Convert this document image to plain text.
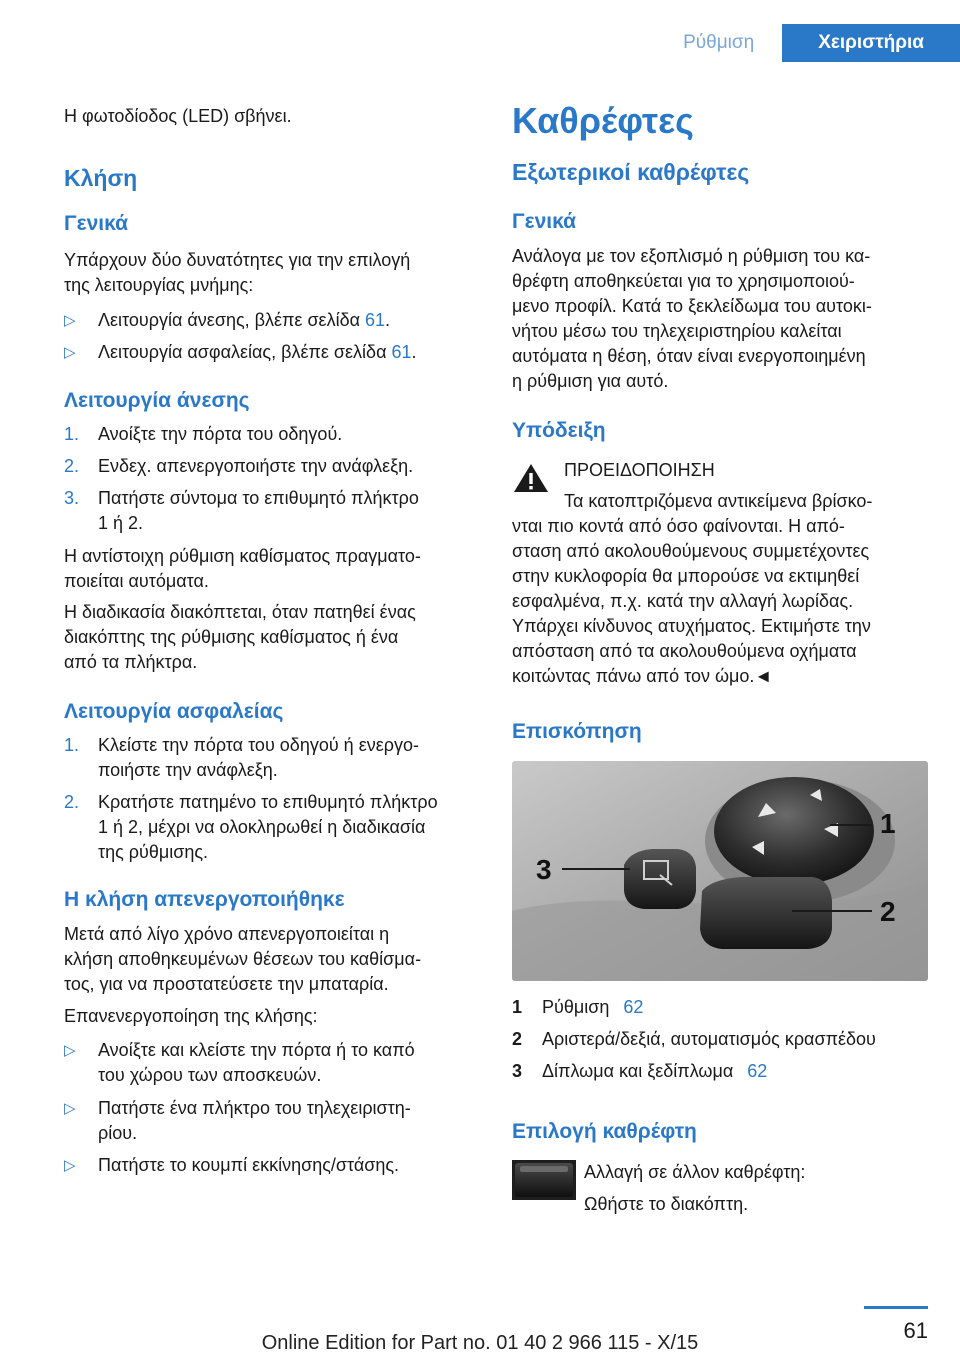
Ρύθμιση	Χειριστήρια
Η φωτοδίοδος (LED) σβήνει.
Κλήση
Γενικά
Υπάρχουν δύο δυνατότητες για την επιλογή
της λειτουργίας μνήμης:
▷	Λειτουργία άνεσης, βλέπε σελίδα 61.
▷	Λειτουργία ασφαλείας, βλέπε σελίδα 61.
Λειτουργία άνεσης
1.	Ανοίξτε την πόρτα του οδηγού.
2.	Ενδεχ. απενεργοποιήστε την ανάφλεξη.
3.	Πατήστε σύντομα το επιθυμητό πλήκτρο
1 ή 2.
Η αντίστοιχη ρύθμιση καθίσματος πραγματο‐
ποιείται αυτόματα.
Η διαδικασία διακόπτεται, όταν πατηθεί ένας
διακόπτης της ρύθμισης καθίσματος ή ένα
από τα πλήκτρα.
Λειτουργία ασφαλείας
1.	Κλείστε την πόρτα του οδηγού ή ενεργο‐
ποιήστε την ανάφλεξη.
2.	Κρατήστε πατημένο το επιθυμητό πλήκτρο
1 ή 2, μέχρι να ολοκληρωθεί η διαδικασία
της ρύθμισης.
Η κλήση απενεργοποιήθηκε
Μετά από λίγο χρόνο απενεργοποιείται η
κλήση αποθηκευμένων θέσεων του καθίσμα‐
τος, για να προστατεύσετε την μπαταρία.
Επανενεργοποίηση της κλήσης:
▷	Ανοίξτε και κλείστε την πόρτα ή το καπό
του χώρου των αποσκευών.
▷	Πατήστε ένα πλήκτρο του τηλεχειριστη‐
ρίου.
▷	Πατήστε το κουμπί εκκίνησης/στάσης.
Καθρέφτες
Εξωτερικοί καθρέφτες
Γενικά
Ανάλογα με τον εξοπλισμό η ρύθμιση του κα‐
θρέφτη αποθηκεύεται για το χρησιμοποιού‐
μενο προφίλ. Κατά το ξεκλείδωμα του αυτοκι‐
νήτου μέσω του τηλεχειριστηρίου καλείται
αυτόματα η θέση, όταν είναι ενεργοποιημένη
η ρύθμιση για αυτό.
Υπόδειξη
ΠΡΟΕΙΔΟΠΟΙΗΣΗ
Τα κατοπτριζόμενα αντικείμενα βρίσκο‐
νται πιο κοντά από όσο φαίνονται. Η από‐
σταση από ακολουθούμενους συμμετέχοντες
στην κυκλοφορία θα μπορούσε να εκτιμηθεί
εσφαλμένα, π.χ. κατά την αλλαγή λωρίδας.
Υπάρχει κίνδυνος ατυχήματος. Εκτιμήστε την
απόσταση από τα ακολουθούμενα οχήματα
κοιτώντας πάνω από τον ώμο.◄
Επισκόπηση
1
2
3
1	Ρύθμιση 62
2	Αριστερά/δεξιά, αυτοματισμός κρασπέδου
3	Δίπλωμα και ξεδίπλωμα 62
Επιλογή καθρέφτη
Αλλαγή σε άλλον καθρέφτη:
Ωθήστε το διακόπτη.
61
Online Edition for Part no. 01 40 2 966 115 - X/15
